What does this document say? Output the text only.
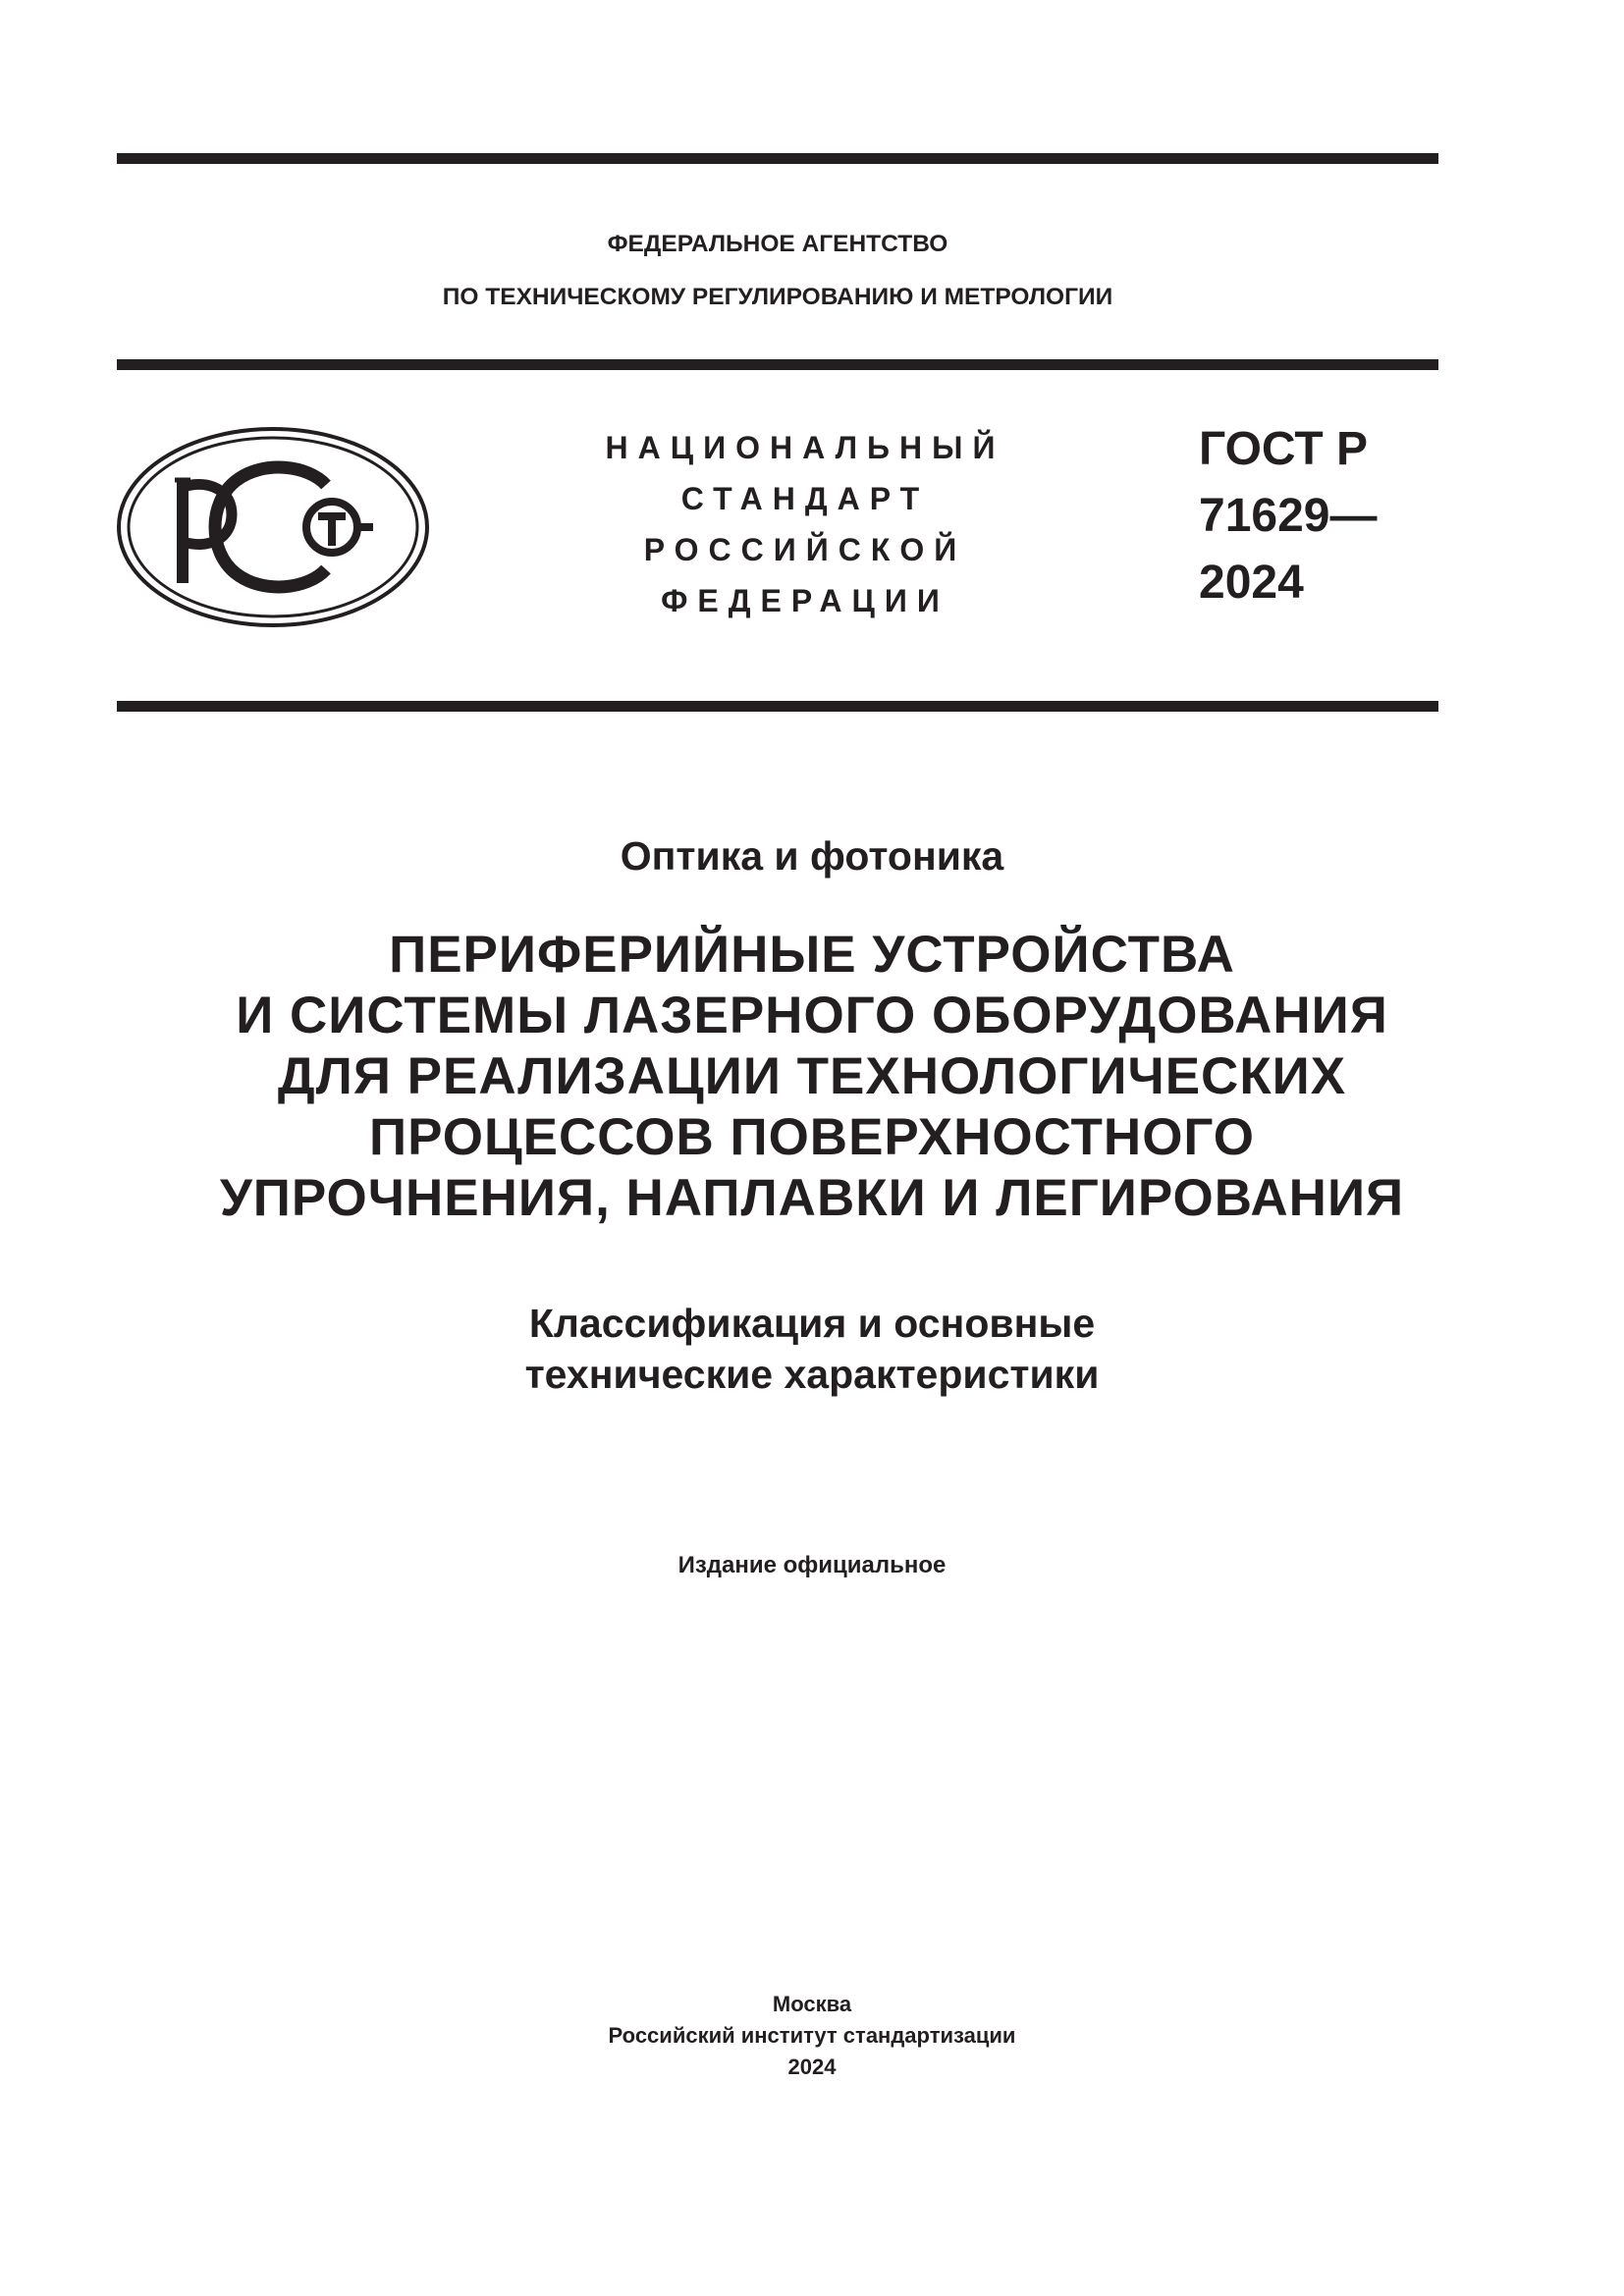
ФЕДЕРАЛЬНОЕ АГЕНТСТВО
ПО ТЕХНИЧЕСКОМУ РЕГУЛИРОВАНИЮ И МЕТРОЛОГИИ
НАЦИОНАЛЬНЫЙ
СТАНДАРТ
РОССИЙСКОЙ
ФЕДЕРАЦИИ
ГОСТ Р
71629—
2024
Оптика и фотоника
ПЕРИФЕРИЙНЫЕ УСТРОЙСТВА
И СИСТЕМЫ ЛАЗЕРНОГО ОБОРУДОВАНИЯ
ДЛЯ РЕАЛИЗАЦИИ ТЕХНОЛОГИЧЕСКИХ
ПРОЦЕССОВ ПОВЕРХНОСТНОГО
УПРОЧНЕНИЯ, НАПЛАВКИ И ЛЕГИРОВАНИЯ
Классификация и основные
технические характеристики
Издание официальное
Москва
Российский институт стандартизации
2024
